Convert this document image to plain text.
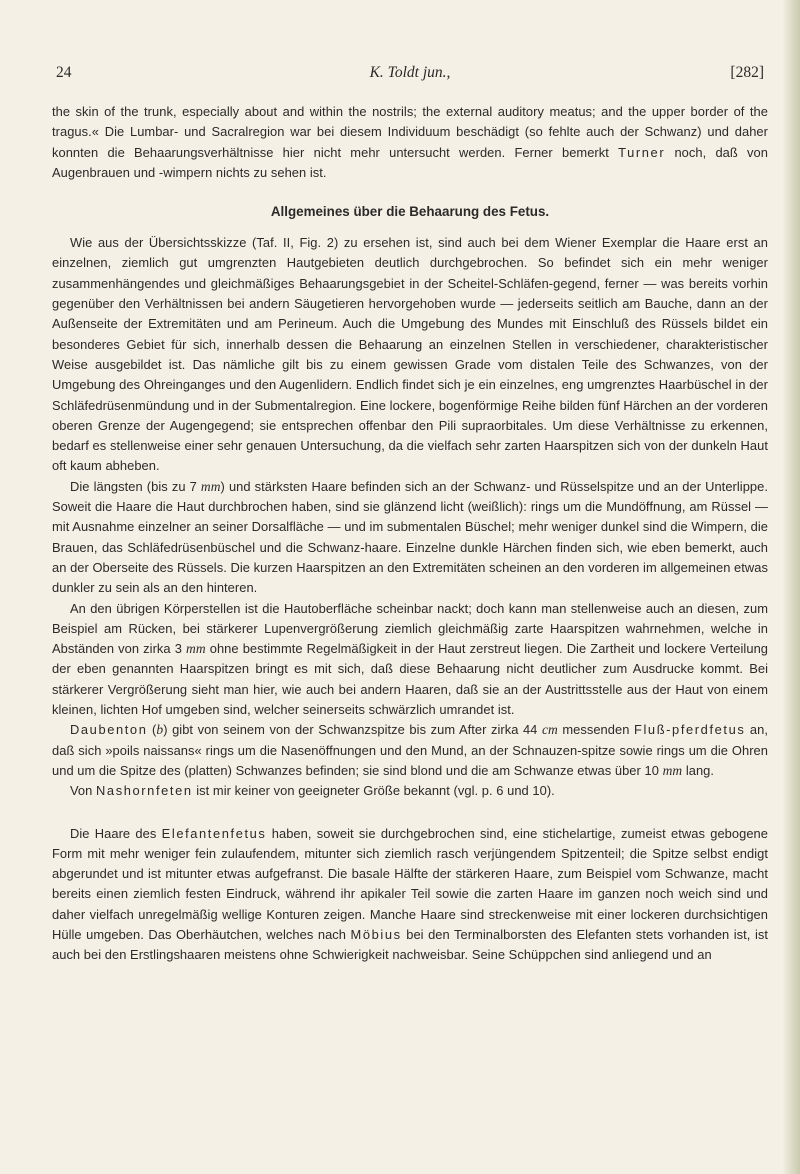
24	K. Toldt jun.,	[282]

the skin of the trunk, especially about and within the nostrils; the external auditory meatus; and the upper border of the tragus.« Die Lumbar- und Sacralregion war bei diesem Individuum beschädigt (so fehlte auch der Schwanz) und daher konnten die Behaarungsverhältnisse hier nicht mehr untersucht werden. Ferner bemerkt Turner noch, daß von Augenbrauen und -wimpern nichts zu sehen ist.

Allgemeines über die Behaarung des Fetus.

Wie aus der Übersichtsskizze (Taf. II, Fig. 2) zu ersehen ist, sind auch bei dem Wiener Exemplar die Haare erst an einzelnen, ziemlich gut umgrenzten Hautgebieten deutlich durchgebrochen. So befindet sich ein mehr weniger zusammenhängendes und gleichmäßiges Behaarungsgebiet in der Scheitel-Schläfen-gegend, ferner — was bereits vorhin gegenüber den Verhältnissen bei andern Säugetieren hervorgehoben wurde — jederseits seitlich am Bauche, dann an der Außenseite der Extremitäten und am Perineum. Auch die Umgebung des Mundes mit Einschluß des Rüssels bildet ein besonderes Gebiet für sich, innerhalb dessen die Behaarung an einzelnen Stellen in verschiedener, charakteristischer Weise ausgebildet ist. Das nämliche gilt bis zu einem gewissen Grade vom distalen Teile des Schwanzes, von der Umgebung des Ohreinganges und den Augenlidern. Endlich findet sich je ein einzelnes, eng umgrenztes Haarbüschel in der Schläfedrüsenmündung und in der Submentalregion. Eine lockere, bogenförmige Reihe bilden fünf Härchen an der vorderen oberen Grenze der Augengegend; sie entsprechen offenbar den Pili supraorbitales. Um diese Verhältnisse zu erkennen, bedarf es stellenweise einer sehr genauen Untersuchung, da die vielfach sehr zarten Haarspitzen sich von der dunkeln Haut oft kaum abheben.

Die längsten (bis zu 7 mm) und stärksten Haare befinden sich an der Schwanz- und Rüsselspitze und an der Unterlippe. Soweit die Haare die Haut durchbrochen haben, sind sie glänzend licht (weißlich): rings um die Mundöffnung, am Rüssel — mit Ausnahme einzelner an seiner Dorsalfläche — und im submentalen Büschel; mehr weniger dunkel sind die Wimpern, die Brauen, das Schläfedrüsenbüschel und die Schwanz-haare. Einzelne dunkle Härchen finden sich, wie eben bemerkt, auch an der Oberseite des Rüssels. Die kurzen Haarspitzen an den Extremitäten scheinen an den vorderen im allgemeinen etwas dunkler zu sein als an den hinteren.

An den übrigen Körperstellen ist die Hautoberfläche scheinbar nackt; doch kann man stellenweise auch an diesen, zum Beispiel am Rücken, bei stärkerer Lupenvergrößerung ziemlich gleichmäßig zarte Haarspitzen wahrnehmen, welche in Abständen von zirka 3 mm ohne bestimmte Regelmäßigkeit in der Haut zerstreut liegen. Die Zartheit und lockere Verteilung der eben genannten Haarspitzen bringt es mit sich, daß diese Behaarung nicht deutlicher zum Ausdrucke kommt. Bei stärkerer Vergrößerung sieht man hier, wie auch bei andern Haaren, daß sie an der Austrittsstelle aus der Haut von einem kleinen, lichten Hof umgeben sind, welcher seinerseits schwärzlich umrandet ist.

Daubenton (b) gibt von seinem von der Schwanzspitze bis zum After zirka 44 cm messenden Fluß-pferdfetus an, daß sich »poils naissans« rings um die Nasenöffnungen und den Mund, an der Schnauzen-spitze sowie rings um die Ohren und um die Spitze des (platten) Schwanzes befinden; sie sind blond und die am Schwanze etwas über 10 mm lang.

Von Nashornfeten ist mir keiner von geeigneter Größe bekannt (vgl. p. 6 und 10).

Die Haare des Elefantenfetus haben, soweit sie durchgebrochen sind, eine stichelartige, zumeist etwas gebogene Form mit mehr weniger fein zulaufendem, mitunter sich ziemlich rasch verjüngendem Spitzenteil; die Spitze selbst endigt abgerundet und ist mitunter etwas aufgefranst. Die basale Hälfte der stärkeren Haare, zum Beispiel vom Schwanze, macht bereits einen ziemlich festen Eindruck, während ihr apikaler Teil sowie die zarten Haare im ganzen noch weich sind und daher vielfach unregelmäßig wellige Konturen zeigen. Manche Haare sind streckenweise mit einer lockeren durchsichtigen Hülle umgeben. Das Oberhäutchen, welches nach Möbius bei den Terminalborsten des Elefanten stets vorhanden ist, ist auch bei den Erstlingshaaren meistens ohne Schwierigkeit nachweisbar. Seine Schüppchen sind anliegend und an
